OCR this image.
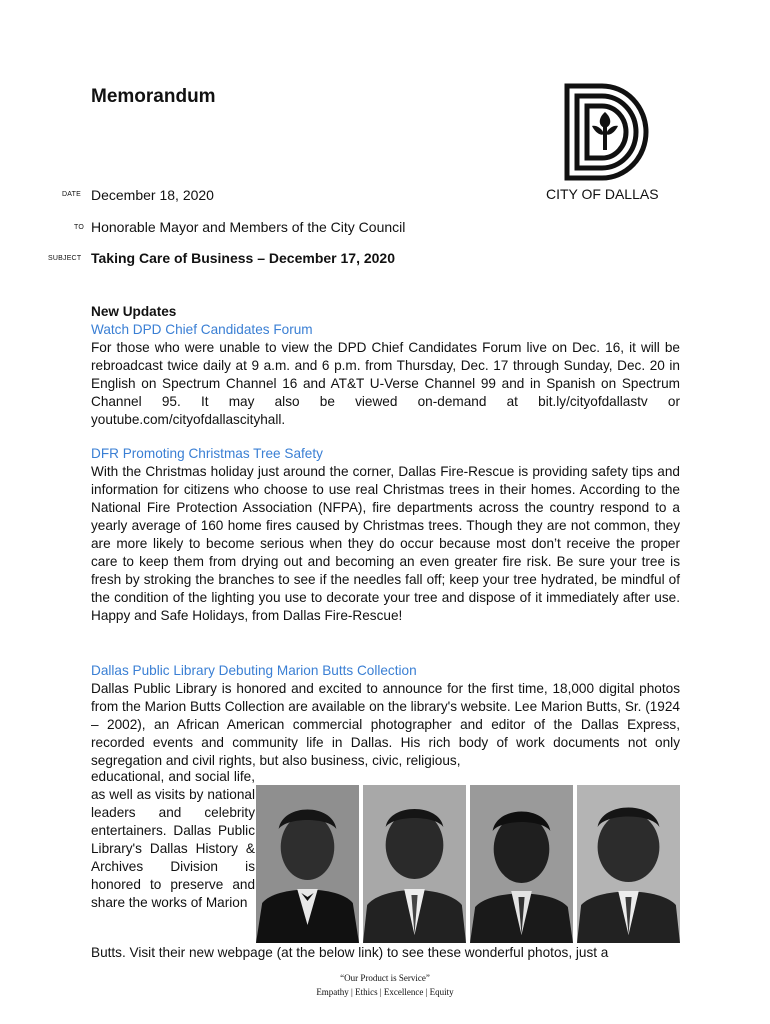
Memorandum
CITY OF DALLAS
DATE December 18, 2020
TO Honorable Mayor and Members of the City Council
SUBJECT Taking Care of Business – December 17, 2020
New Updates
Watch DPD Chief Candidates Forum

For those who were unable to view the DPD Chief Candidates Forum live on Dec. 16, it will be rebroadcast twice daily at 9 a.m. and 6 p.m. from Thursday, Dec. 17 through Sunday, Dec. 20 in English on Spectrum Channel 16 and AT&T U-Verse Channel 99 and in Spanish on Spectrum Channel 95. It may also be viewed on-demand at bit.ly/cityofdallastv or youtube.com/cityofdallascityhall.

DFR Promoting Christmas Tree Safety

With the Christmas holiday just around the corner, Dallas Fire-Rescue is providing safety tips and information for citizens who choose to use real Christmas trees in their homes. According to the National Fire Protection Association (NFPA), fire departments across the country respond to a yearly average of 160 home fires caused by Christmas trees. Though they are not common, they are more likely to become serious when they do occur because most don’t receive the proper care to keep them from drying out and becoming an even greater fire risk. Be sure your tree is fresh by stroking the branches to see if the needles fall off; keep your tree hydrated, be mindful of the condition of the lighting you use to decorate your tree and dispose of it immediately after use. Happy and Safe Holidays, from Dallas Fire-Rescue!

Dallas Public Library Debuting Marion Butts Collection

Dallas Public Library is honored and excited to announce for the first time, 18,000 digital photos from the Marion Butts Collection are available on the library's website. Lee Marion Butts, Sr. (1924 – 2002), an African American commercial photographer and editor of the Dallas Express, recorded events and community life in Dallas. His rich body of work documents not only segregation and civil rights, but also business, civic, religious,

educational, and social life, as well as visits by national leaders and celebrity entertainers. Dallas Public Library's Dallas History & Archives Division is honored to preserve and share the works of Marion
Butts. Visit their new webpage (at the below link) to see these wonderful photos, just a
“Our Product is Service”
Empathy | Ethics | Excellence | Equity
